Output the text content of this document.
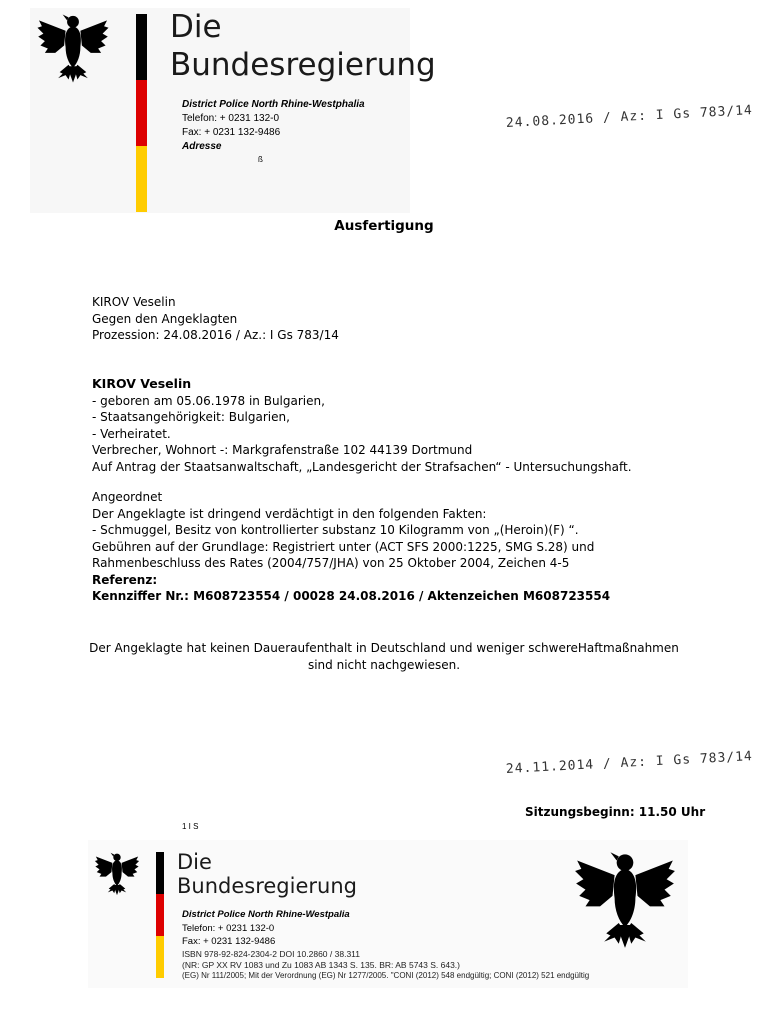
Die
Bundesregierung
District Police North Rhine-Westphalia
Telefon: + 0231 132-0
Fax: + 0231 132-9486
Adresse
ß
24.08.2016 / Az: I Gs 783/14
Ausfertigung
KIROV Veselin
Gegen den Angeklagten
Prozession: 24.08.2016 / Az.: I Gs 783/14
KIROV Veselin
- geboren am 05.06.1978 in Bulgarien,
- Staatsangehörigkeit: Bulgarien,
- Verheiratet.
Verbrecher, Wohnort -: Markgrafenstraße 102 44139 Dortmund
Auf Antrag der Staatsanwaltschaft, „Landesgericht der Strafsachen“ - Untersuchungshaft.
Angeordnet
Der Angeklagte ist dringend verdächtigt in den folgenden Fakten:
- Schmuggel, Besitz von kontrollierter substanz 10 Kilogramm von „(Heroin)(F) “.
Gebühren auf der Grundlage: Registriert unter (ACT SFS 2000:1225, SMG S.28) und
Rahmenbeschluss des Rates (2004/757/JHA) von 25 Oktober 2004, Zeichen 4-5
Referenz:
Kennziffer Nr.: M608723554 / 00028 24.08.2016 / Aktenzeichen M608723554
Der Angeklagte hat keinen Daueraufenthalt in Deutschland und weniger schwereHaftmaßnahmen
sind nicht nachgewiesen.
24.11.2014 / Az: I Gs 783/14
Sitzungsbeginn: 11.50 Uhr
1 I S
Die
Bundesregierung
District Police North Rhine-Westpalia
Telefon: + 0231 132-0
Fax: + 0231 132-9486
ISBN 978-92-824-2304-2 DOI 10.2860 / 38.311
(NR: GP XX RV 1083 und Zu 1083 AB 1343 S. 135. BR: AB 5743 S. 643.)
(EG) Nr 111/2005; Mit der Verordnung (EG) Nr 1277/2005. "CONI (2012) 548 endgültig; CONI (2012) 521 endgültig
